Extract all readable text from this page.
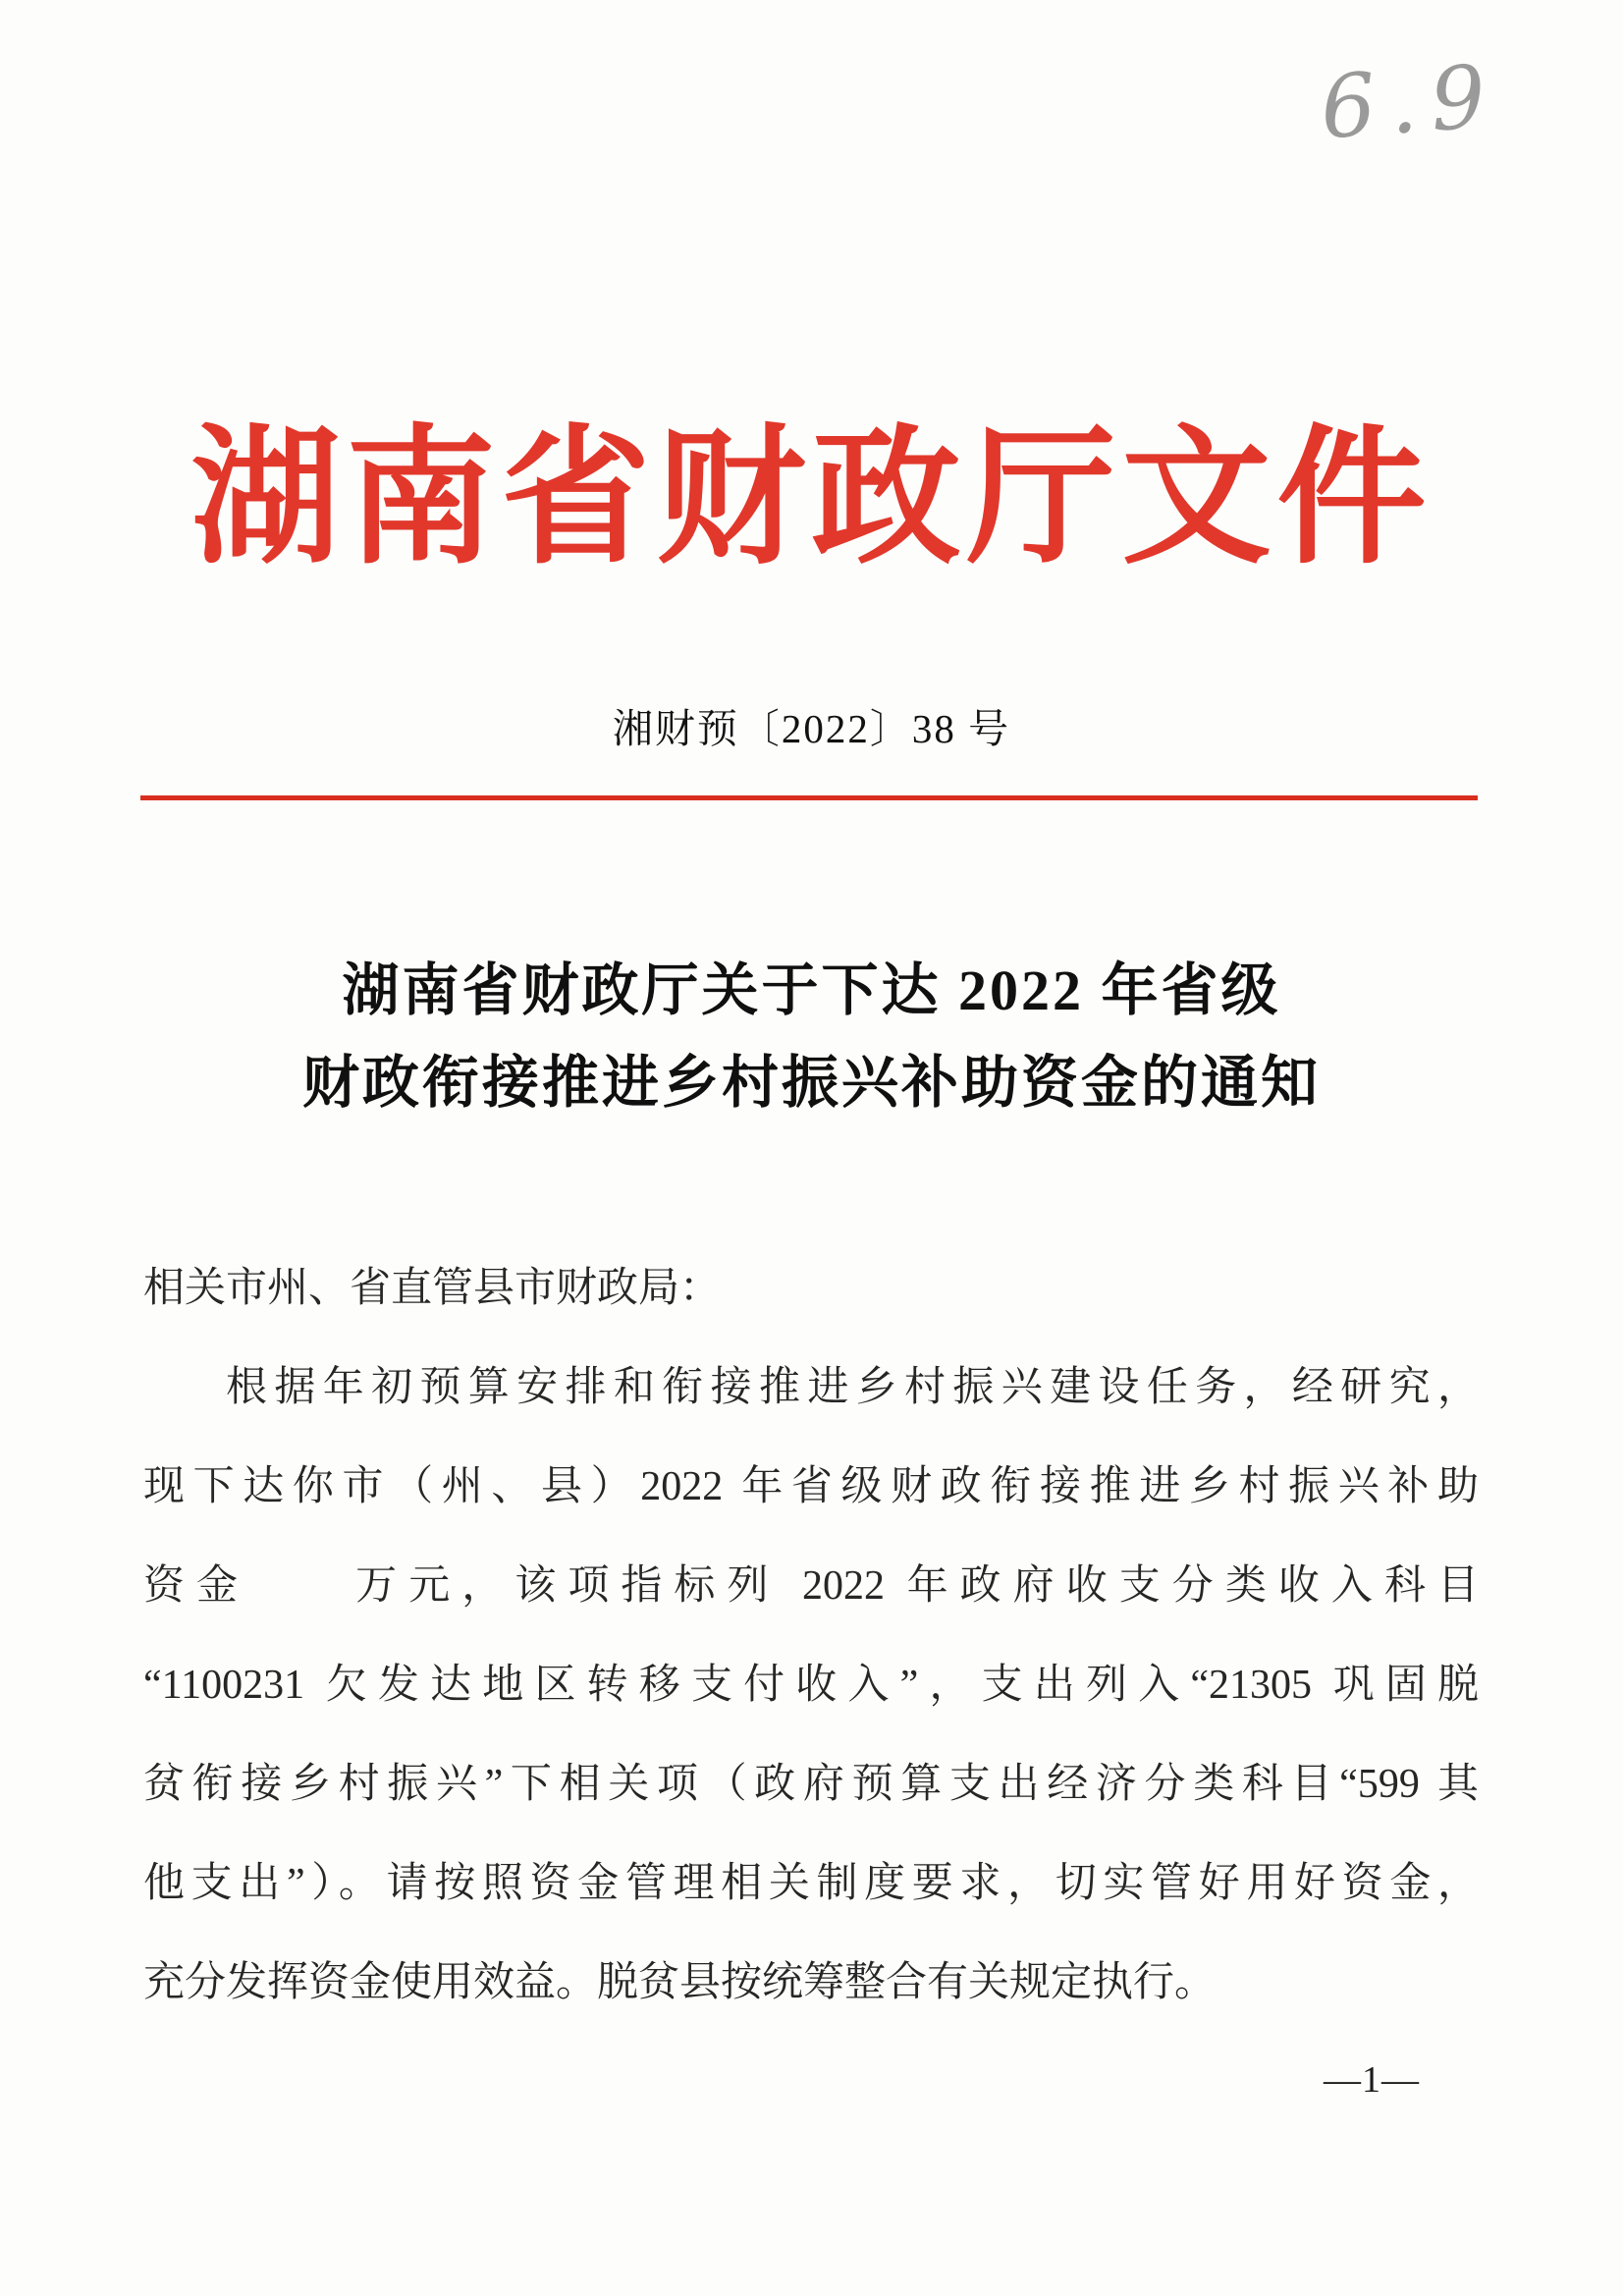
6.9
湖南省财政厅文件
湘财预〔2022〕38 号
湖南省财政厅关于下达 2022 年省级
财政衔接推进乡村振兴补助资金的通知
相关市州、省直管县市财政局：
根据年初预算安排和衔接推进乡村振兴建设任务，经研究，
现下达你市（州、县）2022 年省级财政衔接推进乡村振兴补助
资金　　万元，该项指标列 2022 年政府收支分类收入科目
“1100231 欠发达地区转移支付收入”，支出列入“21305 巩固脱
贫衔接乡村振兴”下相关项（政府预算支出经济分类科目“599 其
他支出”）。请按照资金管理相关制度要求，切实管好用好资金，
充分发挥资金使用效益。脱贫县按统筹整合有关规定执行。
—1—
